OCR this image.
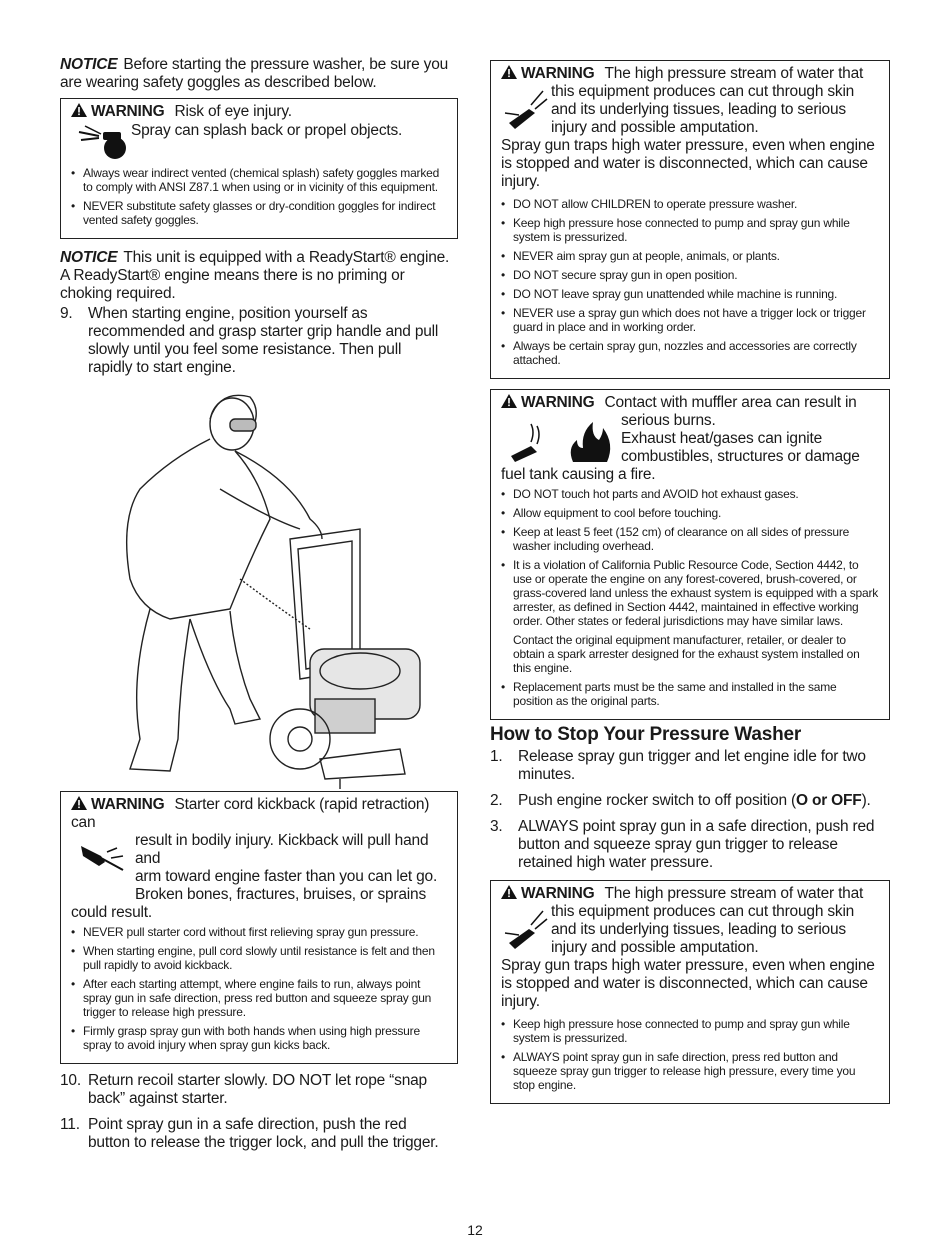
NOTICE Before starting the pressure washer, be sure you are wearing safety goggles as described below.

WARNING Risk of eye injury.
Spray can splash back or propel objects.
• Always wear indirect vented (chemical splash) safety goggles marked to comply with ANSI Z87.1 when using or in vicinity of this equipment.
• NEVER substitute safety glasses or dry-condition goggles for indirect vented safety goggles.

NOTICE This unit is equipped with a ReadyStart® engine. A ReadyStart® engine means there is no priming or choking required.

9. When starting engine, position yourself as recommended and grasp starter grip handle and pull slowly until you feel some resistance. Then pull rapidly to start engine.
WARNING Starter cord kickback (rapid retraction) can
result in bodily injury. Kickback will pull hand and
arm toward engine faster than you can let go.
Broken bones, fractures, bruises, or sprains
could result.
• NEVER pull starter cord without first relieving spray gun pressure.
• When starting engine, pull cord slowly until resistance is felt and then pull rapidly to avoid kickback.
• After each starting attempt, where engine fails to run, always point spray gun in safe direction, press red button and squeeze spray gun trigger to release high pressure.
• Firmly grasp spray gun with both hands when using high pressure spray to avoid injury when spray gun kicks back.
10. Return recoil starter slowly. DO NOT let rope “snap back” against starter.
11. Point spray gun in a safe direction, push the red button to release the trigger lock, and pull the trigger.
WARNING The high pressure stream of water that
this equipment produces can cut through skin
and its underlying tissues, leading to serious
injury and possible amputation.
Spray gun traps high water pressure, even when engine is stopped and water is disconnected, which can cause injury.
• DO NOT allow CHILDREN to operate pressure washer.
• Keep high pressure hose connected to pump and spray gun while system is pressurized.
• NEVER aim spray gun at people, animals, or plants.
• DO NOT secure spray gun in open position.
• DO NOT leave spray gun unattended while machine is running.
• NEVER use a spray gun which does not have a trigger lock or trigger guard in place and in working order.
• Always be certain spray gun, nozzles and accessories are correctly attached.
WARNING Contact with muffler area can result in
serious burns.
Exhaust heat/gases can ignite
combustibles, structures or damage
fuel tank causing a fire.
• DO NOT touch hot parts and AVOID hot exhaust gases.
• Allow equipment to cool before touching.
• Keep at least 5 feet (152 cm) of clearance on all sides of pressure washer including overhead.
• It is a violation of California Public Resource Code, Section 4442, to use or operate the engine on any forest-covered, brush-covered, or grass-covered land unless the exhaust system is equipped with a spark arrester, as defined in Section 4442, maintained in effective working order. Other states or federal jurisdictions may have similar laws.
Contact the original equipment manufacturer, retailer, or dealer to obtain a spark arrester designed for the exhaust system installed on this engine.
• Replacement parts must be the same and installed in the same position as the original parts.
How to Stop Your Pressure Washer
1. Release spray gun trigger and let engine idle for two minutes.
2. Push engine rocker switch to off position (O or OFF).
3. ALWAYS point spray gun in a safe direction, push red button and squeeze spray gun trigger to release retained high water pressure.
WARNING The high pressure stream of water that
this equipment produces can cut through skin
and its underlying tissues, leading to serious
injury and possible amputation.
Spray gun traps high water pressure, even when engine is stopped and water is disconnected, which can cause injury.
• Keep high pressure hose connected to pump and spray gun while system is pressurized.
• ALWAYS point spray gun in safe direction, press red button and squeeze spray gun trigger to release high pressure, every time you stop engine.
12
